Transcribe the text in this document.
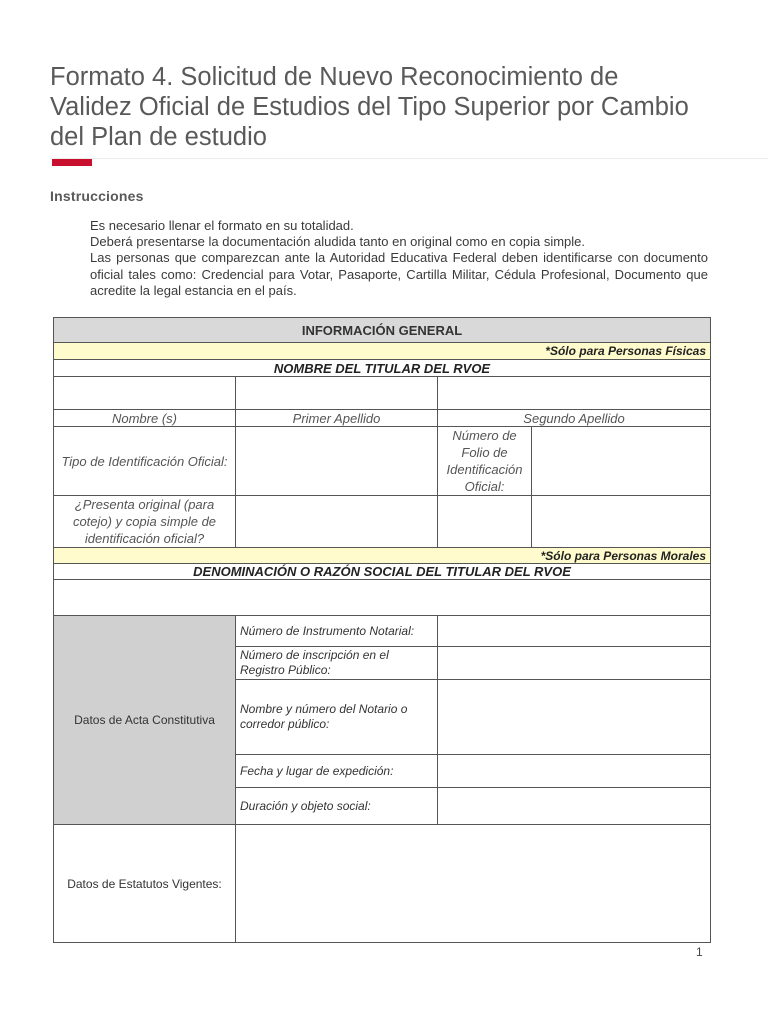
Formato 4. Solicitud de Nuevo Reconocimiento de Validez Oficial de Estudios del Tipo Superior por Cambio del Plan de estudio
Instrucciones
Es necesario llenar el formato en su totalidad.
Deberá presentarse la documentación aludida tanto en original como en copia simple.
Las personas que comparezcan ante la Autoridad Educativa Federal deben identificarse con documento oficial tales como: Credencial para Votar, Pasaporte, Cartilla Militar, Cédula Profesional, Documento que acredite la legal estancia en el país.
INFORMACIÓN GENERAL			
*Sólo para Personas Físicas			
NOMBRE DEL TITULAR DEL RVOE			

Nombre (s)	Primer Apellido	Segundo Apellido	
Tipo de Identificación Oficial:		Número de Folio de Identificación Oficial:	
¿Presenta original (para cotejo) y copia simple de identificación oficial?			
*Sólo para Personas Morales			
DENOMINACIÓN O RAZÓN SOCIAL DEL TITULAR DEL RVOE			

Datos de Acta Constitutiva	Número de Instrumento Notarial:		
	Número de inscripción en el Registro Público:		
	Nombre y número del Notario o corredor público:		
	Fecha y lugar de expedición:		
	Duración y objeto social:		
Datos de Estatutos Vigentes:			
1
